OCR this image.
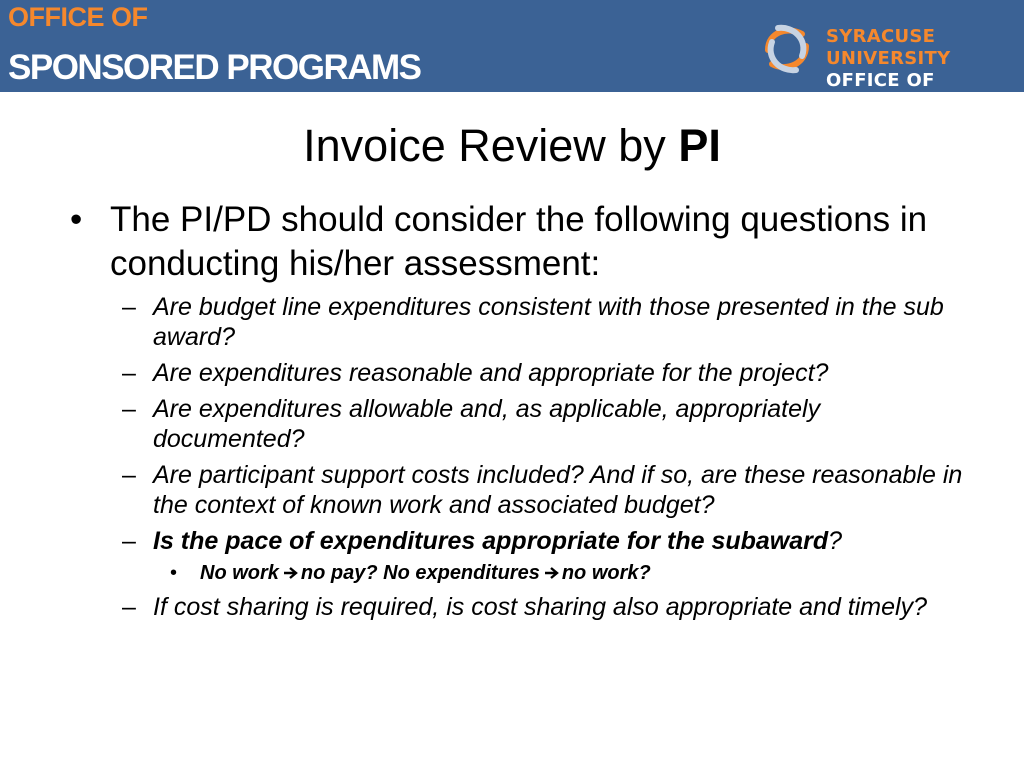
OFFICE OF
SPONSORED PROGRAMS
SYRACUSE UNIVERSITY
OFFICE OF RESEARCH
Invoice Review by PI
• The PI/PD should consider the following questions in conducting his/her assessment:
– Are budget line expenditures consistent with those presented in the sub award?
– Are expenditures reasonable and appropriate for the project?
– Are expenditures allowable and, as applicable, appropriately documented?
– Are participant support costs included? And if so, are these reasonable in the context of known work and associated budget?
– Is the pace of expenditures appropriate for the subaward?
• No work no pay? No expenditures no work?
– If cost sharing is required, is cost sharing also appropriate and timely?
